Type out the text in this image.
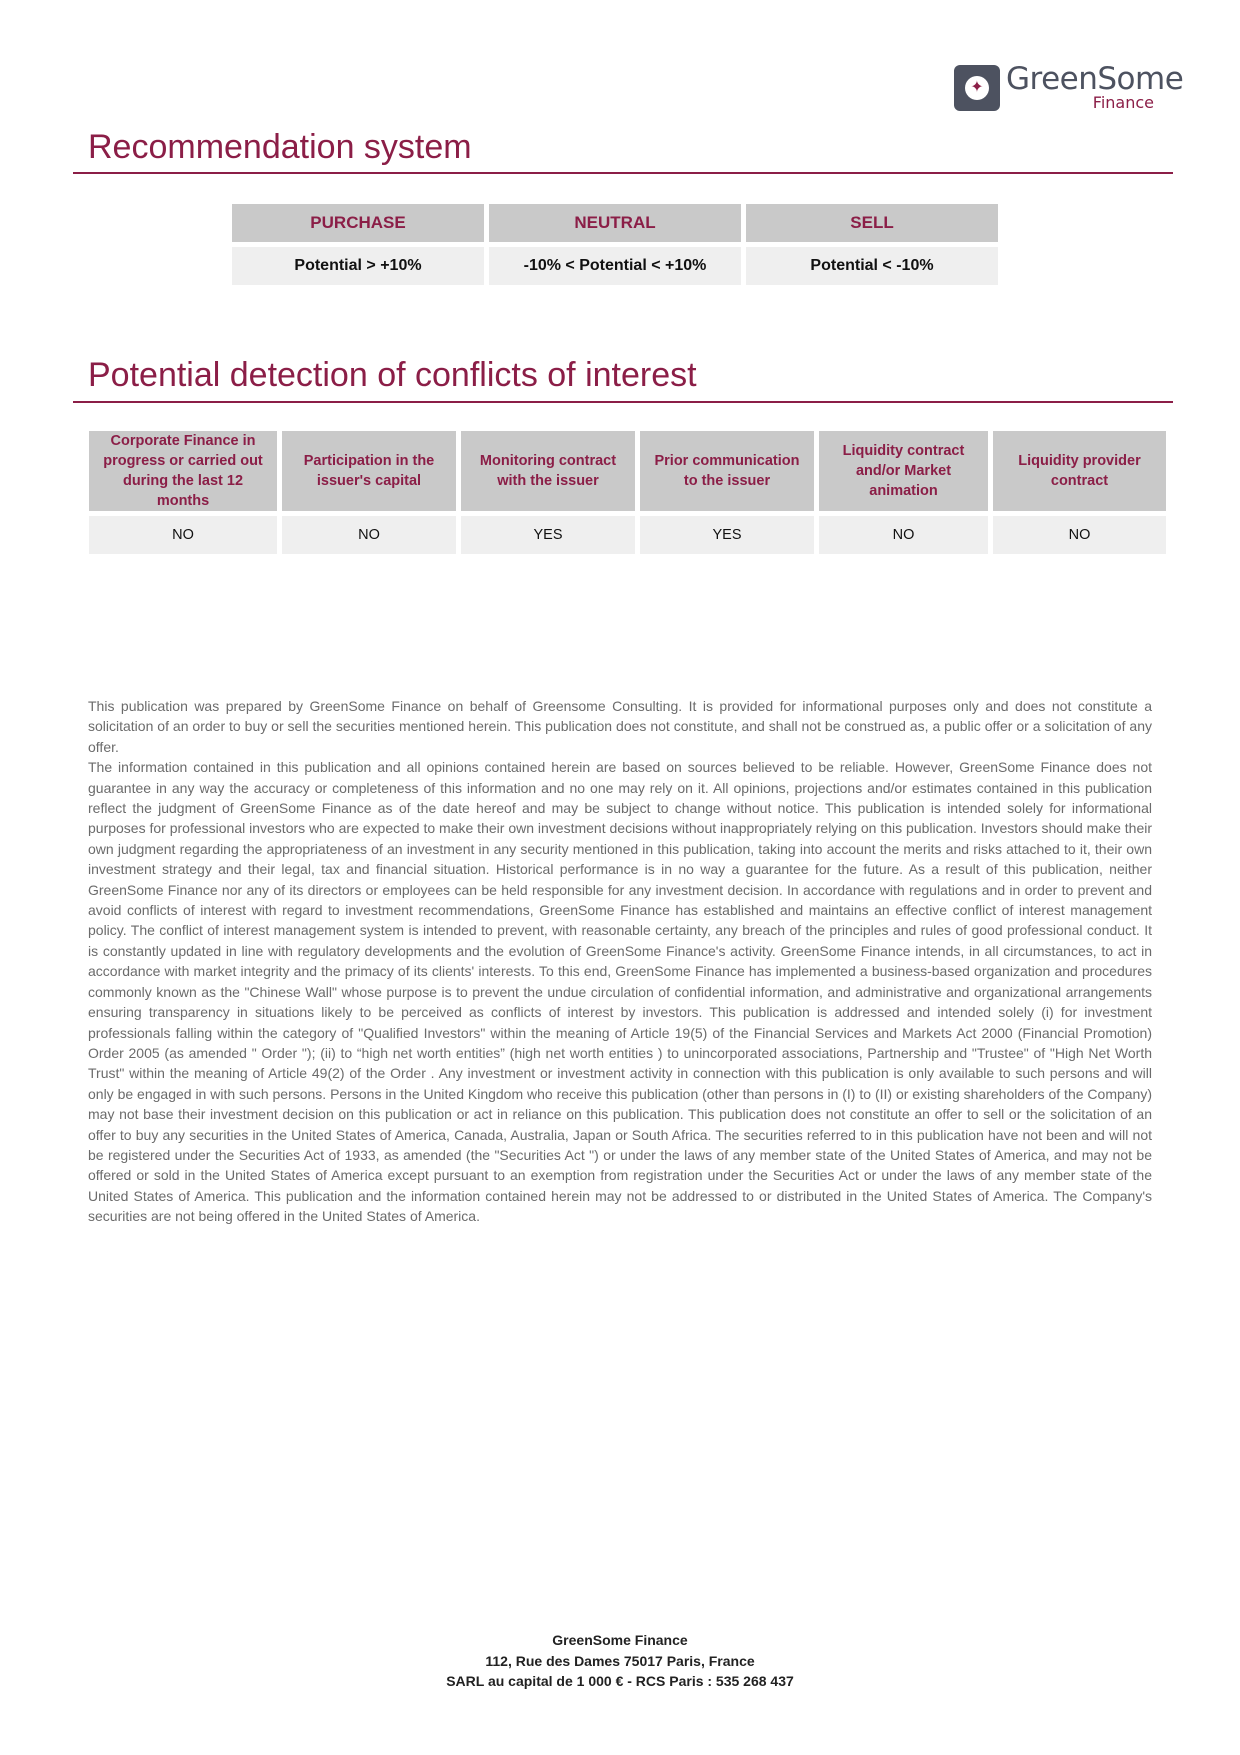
✦ GreenSome
Finance
Recommendation system
PURCHASE	NEUTRAL	SELL
Potential > +10%	-10% < Potential < +10%	Potential < -10%
Potential detection of conflicts of interest
Corporate Finance in progress or carried out during the last 12 months	Participation in the issuer's capital	Monitoring contract with the issuer	Prior communication to the issuer	Liquidity contract and/or Market animation	Liquidity provider contract
NO	NO	YES	YES	NO	NO

This publication was prepared by GreenSome Finance on behalf of Greensome Consulting. It is provided for informational purposes only and does not constitute a solicitation of an order to buy or sell the securities mentioned herein. This publication does not constitute, and shall not be construed as, a public offer or a solicitation of any offer.

The information contained in this publication and all opinions contained herein are based on sources believed to be reliable. However, GreenSome Finance does not guarantee in any way the accuracy or completeness of this information and no one may rely on it. All opinions, projections and/or estimates contained in this publication reflect the judgment of GreenSome Finance as of the date hereof and may be subject to change without notice. This publication is intended solely for informational purposes for professional investors who are expected to make their own investment decisions without inappropriately relying on this publication. Investors should make their own judgment regarding the appropriateness of an investment in any security mentioned in this publication, taking into account the merits and risks attached to it, their own investment strategy and their legal, tax and financial situation. Historical performance is in no way a guarantee for the future. As a result of this publication, neither GreenSome Finance nor any of its directors or employees can be held responsible for any investment decision. In accordance with regulations and in order to prevent and avoid conflicts of interest with regard to investment recommendations, GreenSome Finance has established and maintains an effective conflict of interest management policy. The conflict of interest management system is intended to prevent, with reasonable certainty, any breach of the principles and rules of good professional conduct. It is constantly updated in line with regulatory developments and the evolution of GreenSome Finance's activity. GreenSome Finance intends, in all circumstances, to act in accordance with market integrity and the primacy of its clients' interests. To this end, GreenSome Finance has implemented a business-based organization and procedures commonly known as the "Chinese Wall" whose purpose is to prevent the undue circulation of confidential information, and administrative and organizational arrangements ensuring transparency in situations likely to be perceived as conflicts of interest by investors. This publication is addressed and intended solely (i) for investment professionals falling within the category of "Qualified Investors" within the meaning of Article 19(5) of the Financial Services and Markets Act 2000 (Financial Promotion) Order 2005 (as amended " Order "); (ii) to “high net worth entities” (high net worth entities ) to unincorporated associations, Partnership and "Trustee" of "High Net Worth Trust" within the meaning of Article 49(2) of the Order . Any investment or investment activity in connection with this publication is only available to such persons and will only be engaged in with such persons. Persons in the United Kingdom who receive this publication (other than persons in (I) to (II) or existing shareholders of the Company) may not base their investment decision on this publication or act in reliance on this publication. This publication does not constitute an offer to sell or the solicitation of an offer to buy any securities in the United States of America, Canada, Australia, Japan or South Africa. The securities referred to in this publication have not been and will not be registered under the Securities Act of 1933, as amended (the "Securities Act ") or under the laws of any member state of the United States of America, and may not be offered or sold in the United States of America except pursuant to an exemption from registration under the Securities Act or under the laws of any member state of the United States of America. This publication and the information contained herein may not be addressed to or distributed in the United States of America. The Company's securities are not being offered in the United States of America.

GreenSome Finance
112, Rue des Dames 75017 Paris, France
SARL au capital de 1 000 € - RCS Paris : 535 268 437
